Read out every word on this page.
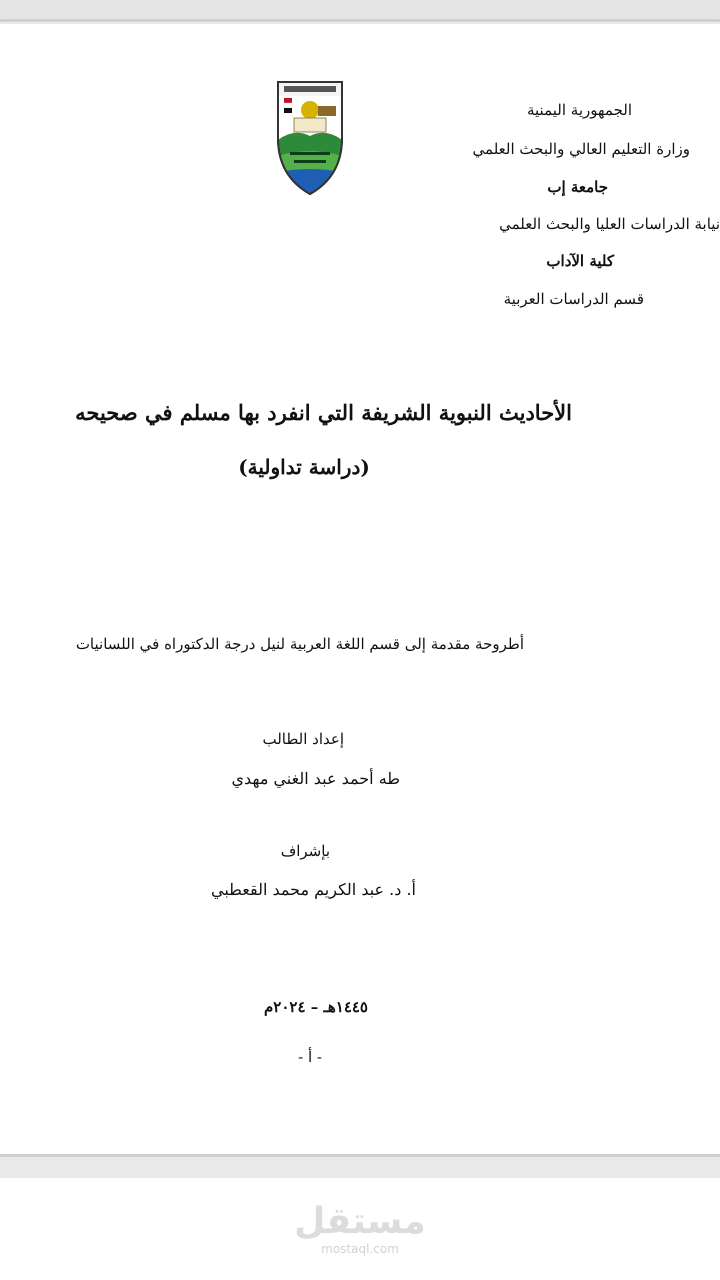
الجمهورية اليمنية
وزارة التعليم العالي والبحث العلمي
جامعة إب
نيابة الدراسات العليا والبحث العلمي
كلية الآداب
قسم الدراسات العربية
الأحاديث النبوية الشريفة التي انفرد بها مسلم في صحيحه
(دراسة تداولية)
أطروحة مقدمة إلى قسم اللغة العربية لنيل درجة الدكتوراه في اللسانيات
إعداد الطالب
طه أحمد عبد الغني مهدي
بإشراف
أ. د. عبد الكريم محمد القعطبي
١٤٤٥هـ – ٢٠٢٤م
- أ -
مستقل
mostaql.com
